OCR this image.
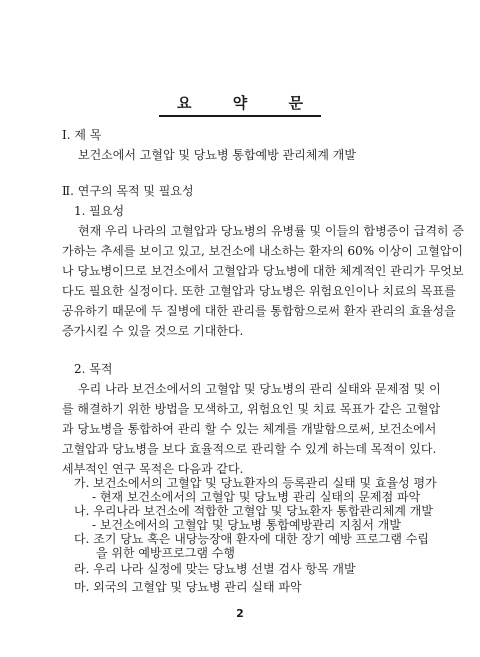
요 약 문
Ⅰ. 제 목
보건소에서 고혈압 및 당뇨병 통합예방 관리체계 개발
Ⅱ. 연구의 목적 및 필요성
1. 필요성
현재 우리 나라의 고혈압과 당뇨병의 유병률 및 이들의 합병증이 급격히 증
가하는 추세를 보이고 있고, 보건소에 내소하는 환자의 60% 이상이 고혈압이
나 당뇨병이므로 보건소에서 고혈압과 당뇨병에 대한 체계적인 관리가 무엇보
다도 필요한 실정이다. 또한 고혈압과 당뇨병은 위험요인이나 치료의 목표를
공유하기 때문에 두 질병에 대한 관리를 통합함으로써 환자 관리의 효율성을
증가시킬 수 있을 것으로 기대한다.
2. 목적
우리 나라 보건소에서의 고혈압 및 당뇨병의 관리 실태와 문제점 및 이
를 해결하기 위한 방법을 모색하고, 위험요인 및 치료 목표가 같은 고혈압
과 당뇨병을 통합하여 관리 할 수 있는 체계를 개발함으로써, 보건소에서
고혈압과 당뇨병을 보다 효율적으로 관리할 수 있게 하는데 목적이 있다.
세부적인 연구 목적은 다음과 같다.
가. 보건소에서의 고혈압 및 당뇨환자의 등록관리 실태 및 효율성 평가
- 현재 보건소에서의 고혈압 및 당뇨병 관리 실태의 문제점 파악
나. 우리나라 보건소에 적합한 고혈압 및 당뇨환자 통합관리체계 개발
- 보건소에서의 고혈압 및 당뇨병 통합예방관리 지침서 개발
다. 조기 당뇨 혹은 내당능장애 환자에 대한 장기 예방 프로그램 수립
을 위한 예방프로그램 수행
2
라. 우리 나라 실정에 맞는 당뇨병 선별 검사 항목 개발
마. 외국의 고혈압 및 당뇨병 관리 실태 파악
